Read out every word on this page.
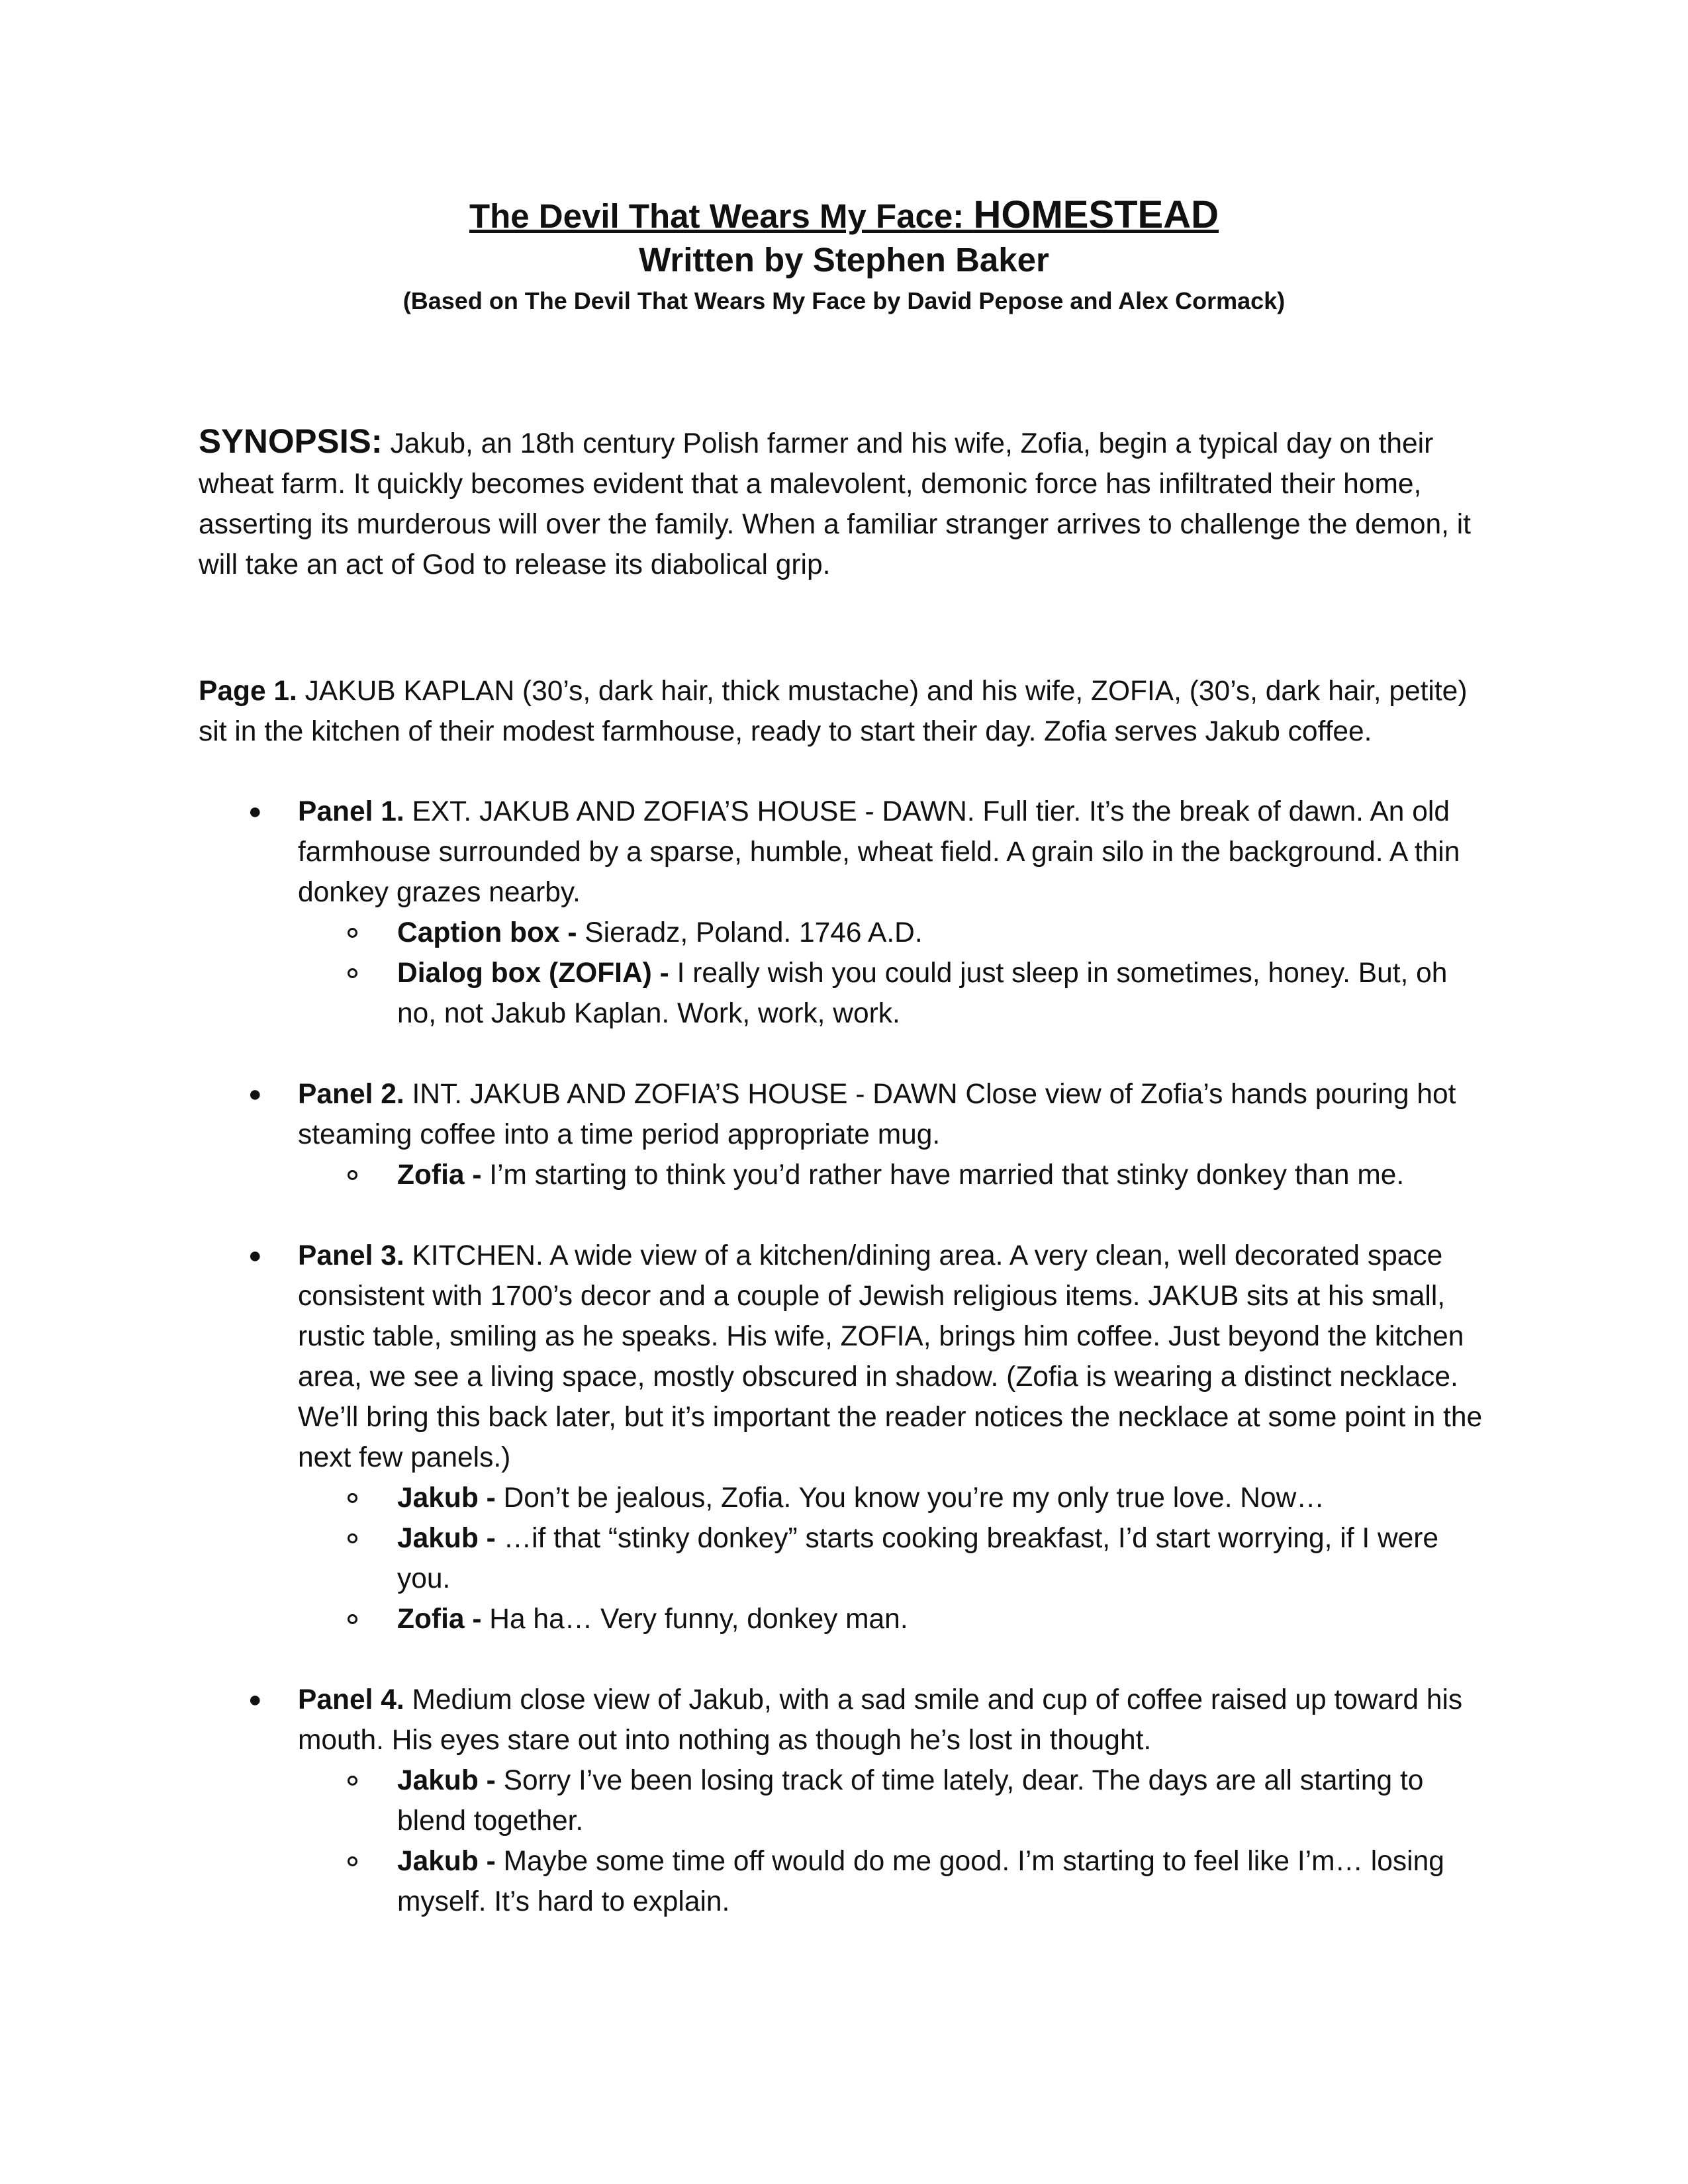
The Devil That Wears My Face: HOMESTEAD

Written by Stephen Baker

(Based on The Devil That Wears My Face by David Pepose and Alex Cormack)

SYNOPSIS: Jakub, an 18th century Polish farmer and his wife, Zofia, begin a typical day on their wheat farm. It quickly becomes evident that a malevolent, demonic force has infiltrated their home, asserting its murderous will over the family. When a familiar stranger arrives to challenge the demon, it will take an act of God to release its diabolical grip.
Page 1. JAKUB KAPLAN (30’s, dark hair, thick mustache) and his wife, ZOFIA, (30’s, dark hair, petite) sit in the kitchen of their modest farmhouse, ready to start their day. Zofia serves Jakub coffee.
● Panel 1. EXT. JAKUB AND ZOFIA’S HOUSE - DAWN. Full tier. It’s the break of dawn. An old farmhouse surrounded by a sparse, humble, wheat field. A grain silo in the background. A thin donkey grazes nearby.
Caption box - Sieradz, Poland. 1746 A.D.
Dialog box (ZOFIA) - I really wish you could just sleep in sometimes, honey. But, oh no, not Jakub Kaplan. Work, work, work.
● Panel 2. INT. JAKUB AND ZOFIA’S HOUSE - DAWN Close view of Zofia’s hands pouring hot steaming coffee into a time period appropriate mug.
Zofia - I’m starting to think you’d rather have married that stinky donkey than me.
● Panel 3. KITCHEN. A wide view of a kitchen/dining area. A very clean, well decorated space consistent with 1700’s decor and a couple of Jewish religious items. JAKUB sits at his small, rustic table, smiling as he speaks. His wife, ZOFIA, brings him coffee. Just beyond the kitchen area, we see a living space, mostly obscured in shadow. (Zofia is wearing a distinct necklace. We’ll bring this back later, but it’s important the reader notices the necklace at some point in the next few panels.)
Jakub - Don’t be jealous, Zofia. You know you’re my only true love. Now…
Jakub - …if that “stinky donkey” starts cooking breakfast, I’d start worrying, if I were you.
Zofia - Ha ha… Very funny, donkey man.
● Panel 4. Medium close view of Jakub, with a sad smile and cup of coffee raised up toward his mouth. His eyes stare out into nothing as though he’s lost in thought.
Jakub - Sorry I’ve been losing track of time lately, dear. The days are all starting to blend together.
Jakub - Maybe some time off would do me good. I’m starting to feel like I’m… losing myself. It’s hard to explain.
